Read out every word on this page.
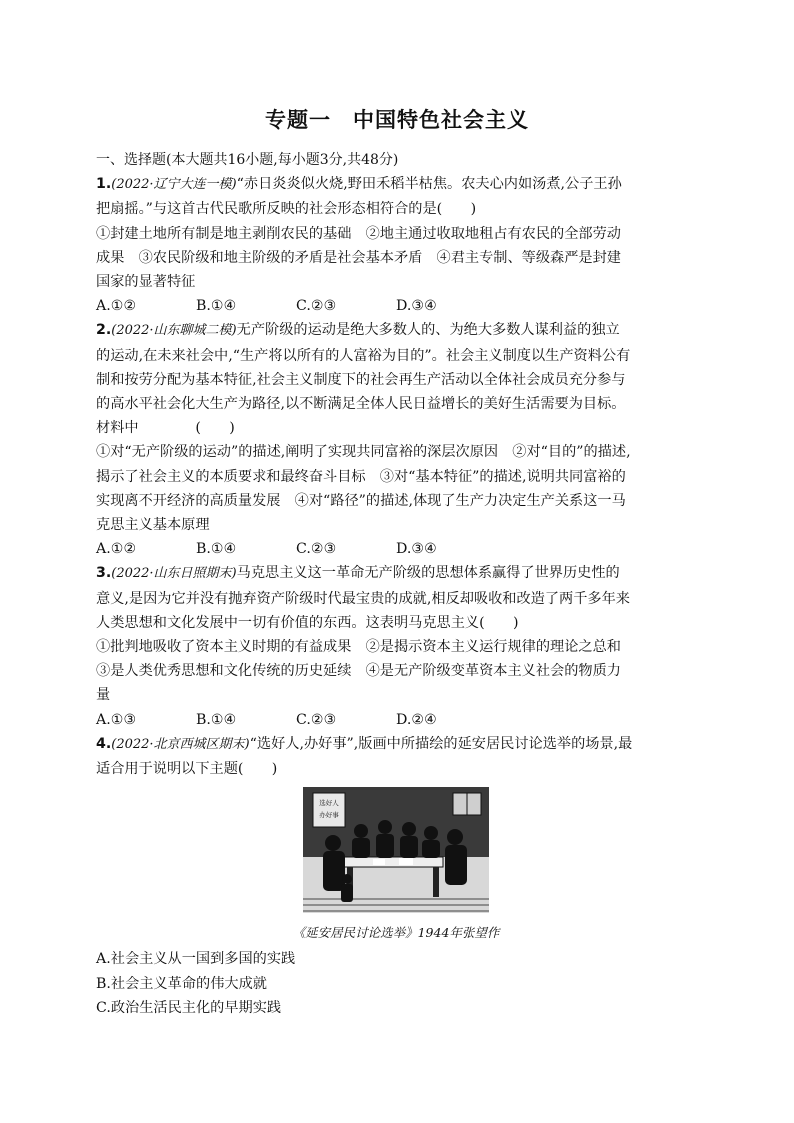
专题一　中国特色社会主义
一、选择题(本大题共16小题,每小题3分,共48分)
1.(2022·辽宁大连一模)“赤日炎炎似火烧,野田禾稻半枯焦。农夫心内如汤煮,公子王孙
把扇摇。”与这首古代民歌所反映的社会形态相符合的是(　　)
①封建土地所有制是地主剥削农民的基础　②地主通过收取地租占有农民的全部劳动
成果　③农民阶级和地主阶级的矛盾是社会基本矛盾　④君主专制、等级森严是封建
国家的显著特征
A.①②	B.①④	C.②③	D.③④
2.(2022·山东聊城二模)无产阶级的运动是绝大多数人的、为绝大多数人谋利益的独立
的运动,在未来社会中,“生产将以所有的人富裕为目的”。社会主义制度以生产资料公有
制和按劳分配为基本特征,社会主义制度下的社会再生产活动以全体社会成员充分参与
的高水平社会化大生产为路径,以不断满足全体人民日益增长的美好生活需要为目标。
材料中　　　　(　　)
①对“无产阶级的运动”的描述,阐明了实现共同富裕的深层次原因　②对“目的”的描述,
揭示了社会主义的本质要求和最终奋斗目标　③对“基本特征”的描述,说明共同富裕的
实现离不开经济的高质量发展　④对“路径”的描述,体现了生产力决定生产关系这一马
克思主义基本原理
A.①②	B.①④	C.②③	D.③④
3.(2022·山东日照期末)马克思主义这一革命无产阶级的思想体系赢得了世界历史性的
意义,是因为它并没有抛弃资产阶级时代最宝贵的成就,相反却吸收和改造了两千多年来
人类思想和文化发展中一切有价值的东西。这表明马克思主义(　　)
①批判地吸收了资本主义时期的有益成果　②是揭示资本主义运行规律的理论之总和
③是人类优秀思想和文化传统的历史延续　④是无产阶级变革资本主义社会的物质力
量
A.①③	B.①④	C.②③	D.②④
4.(2022·北京西城区期末)“选好人,办好事”,版画中所描绘的延安居民讨论选举的场景,最
适合用于说明以下主题(　　)
选好人
办好事
《延安居民讨论选举》1944年张望作
A.社会主义从一国到多国的实践
B.社会主义革命的伟大成就
C.政治生活民主化的早期实践
